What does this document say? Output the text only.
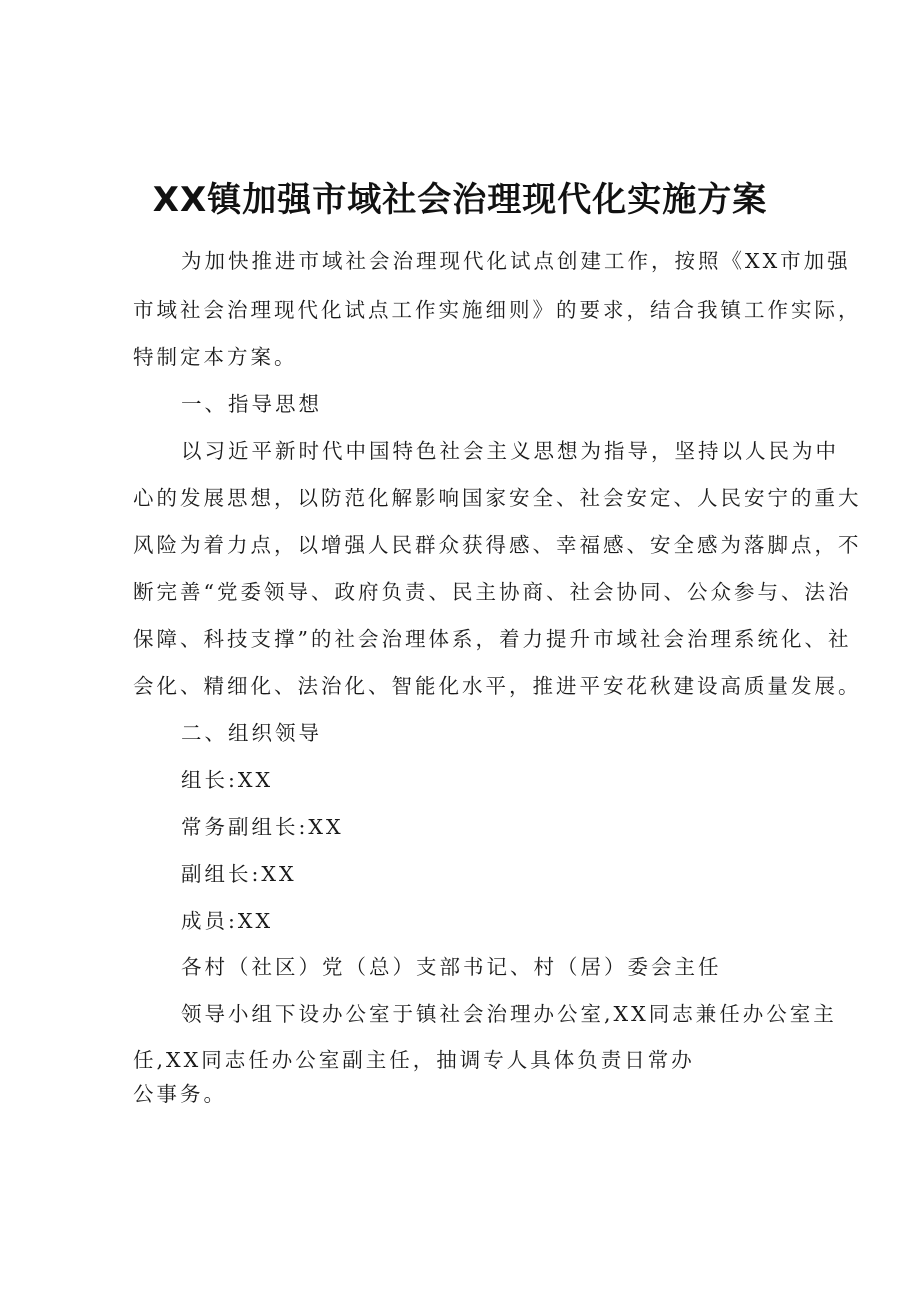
XX镇加强市域社会治理现代化实施方案
为加快推进市域社会治理现代化试点创建工作，按照《XX市加强
市域社会治理现代化试点工作实施细则》的要求，结合我镇工作实际，
特制定本方案。
一、指导思想
以习近平新时代中国特色社会主义思想为指导，坚持以人民为中
心的发展思想，以防范化解影响国家安全、社会安定、人民安宁的重大
风险为着力点，以增强人民群众获得感、幸福感、安全感为落脚点，不
断完善“党委领导、政府负责、民主协商、社会协同、公众参与、法治
保障、科技支撑”的社会治理体系，着力提升市域社会治理系统化、社
会化、精细化、法治化、智能化水平，推进平安花秋建设高质量发展。
二、组织领导
组长:XX
常务副组长:XX
副组长:XX
成员:XX
各村（社区）党（总）支部书记、村（居）委会主任
领导小组下设办公室于镇社会治理办公室,XX同志兼任办公室主
任,XX同志任办公室副主任，抽调专人具体负责日常办
公事务。
